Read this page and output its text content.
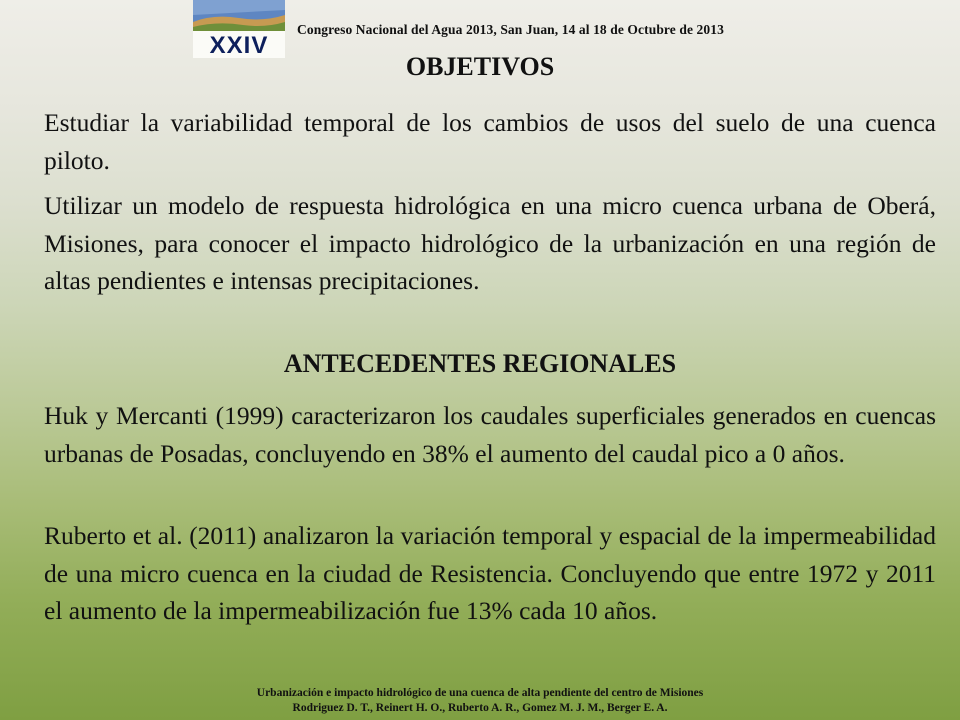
XXIV
Congreso Nacional del Agua 2013, San Juan, 14 al 18 de Octubre de 2013
OBJETIVOS

Estudiar la variabilidad temporal de los cambios de usos del suelo de una cuenca piloto.

Utilizar un modelo de respuesta hidrológica en una micro cuenca urbana de Oberá, Misiones, para conocer el impacto hidrológico de la urbanización en una región de altas pendientes e intensas precipitaciones.

ANTECEDENTES REGIONALES

Huk y Mercanti (1999) caracterizaron los caudales superficiales generados en cuencas urbanas de Posadas, concluyendo en 38% el aumento del caudal pico a 0 años.

Ruberto et al. (2011) analizaron la variación temporal y espacial de la impermeabilidad de una micro cuenca en la ciudad de Resistencia. Concluyendo que entre 1972 y 2011 el aumento de la impermeabilización fue 13% cada 10 años.

Urbanización e impacto hidrológico de una cuenca de alta pendiente del centro de Misiones
Rodriguez D. T., Reinert H. O., Ruberto A. R., Gomez M. J. M., Berger E. A.
